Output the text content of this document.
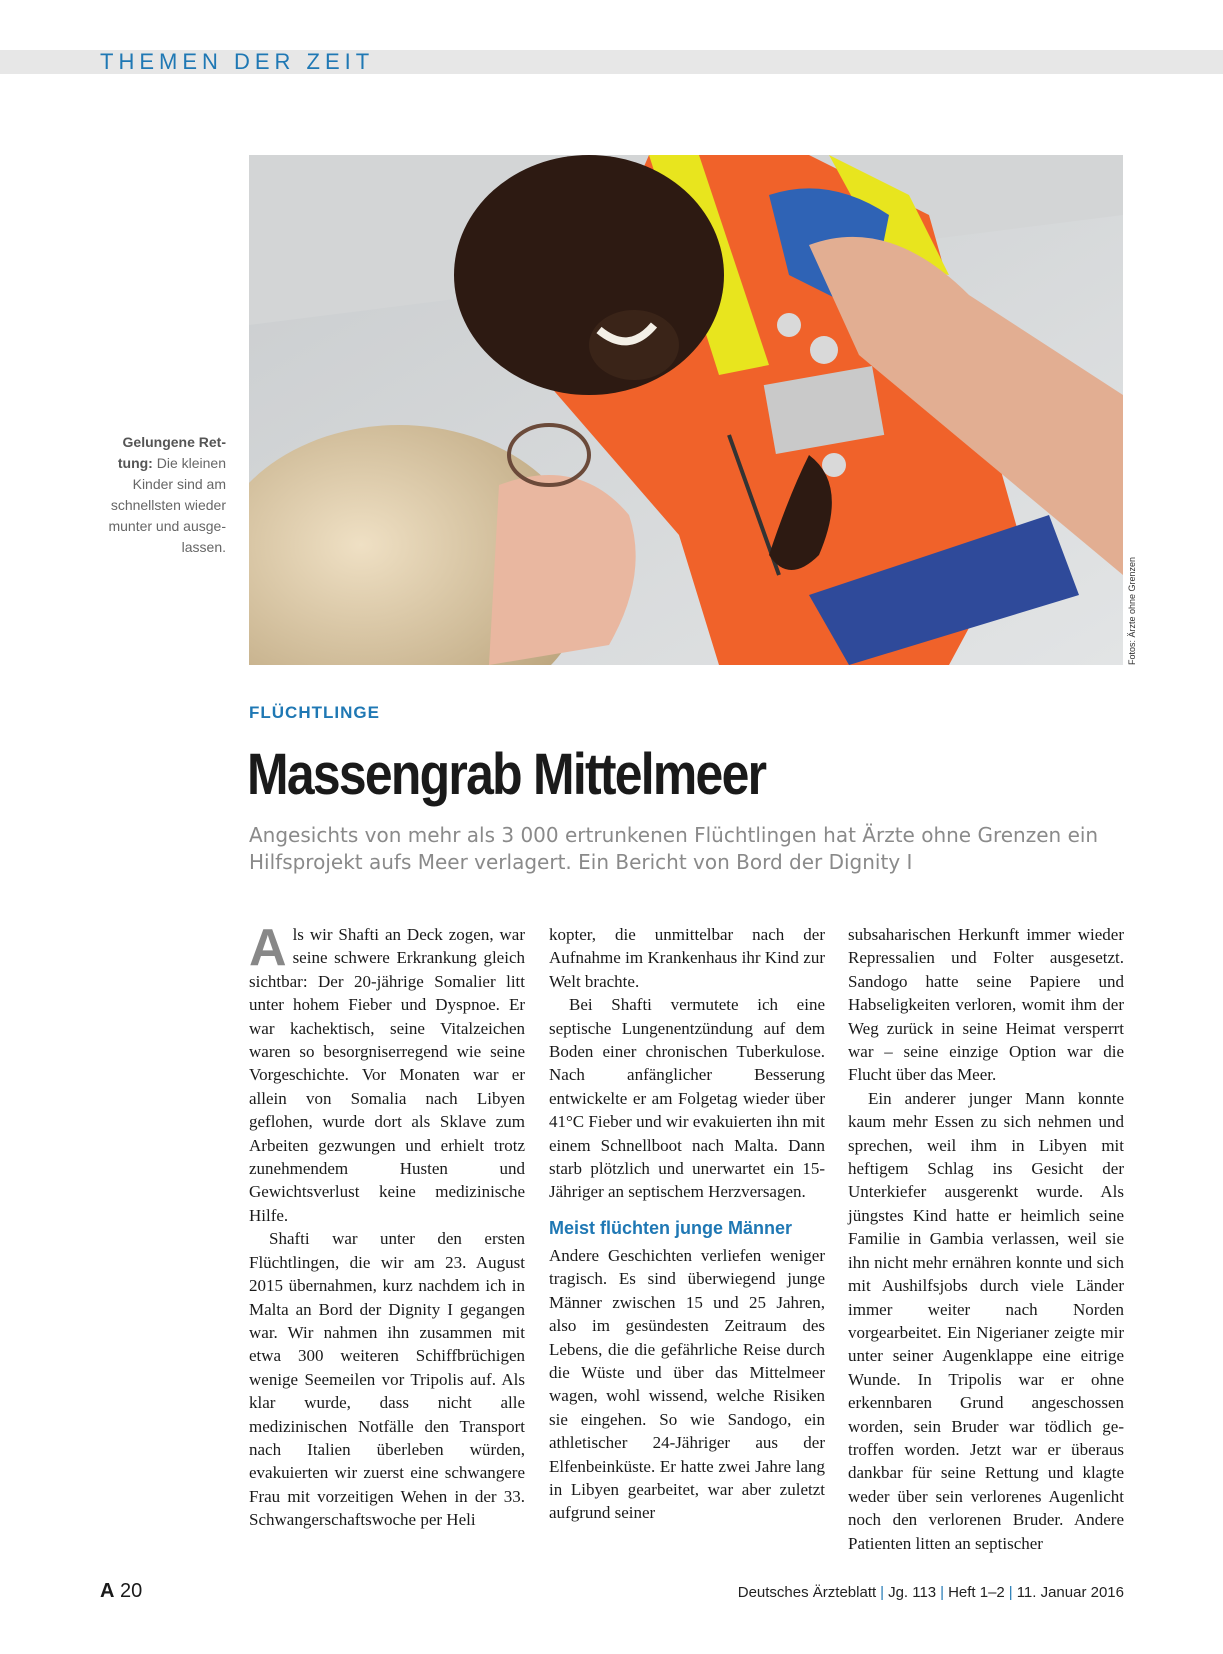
THEMEN DER ZEIT
Fotos: Ärzte ohne Grenzen
Gelungene Rettung: Die kleinen Kinder sind am schnellsten wieder munter und ausgelassen.
FLÜCHTLINGE
Massengrab Mittelmeer
Angesichts von mehr als 3 000 ertrunkenen Flüchtlingen hat Ärzte ohne Grenzen ein Hilfsprojekt aufs Meer verlagert. Ein Bericht von Bord der Dignity I

Als wir Shafti an Deck zogen, war seine schwere Erkrankung gleich sichtbar: Der 20-jährige Somalier litt unter hohem Fieber und Dyspnoe. Er war kachektisch, seine Vitalzeichen waren so besorgniserregend wie seine Vorgeschichte. Vor Monaten war er allein von Somalia nach Libyen geflohen, wurde dort als Sklave zum Arbeiten gezwungen und erhielt trotz zunehmendem Husten und Gewichtsverlust keine medizinische Hilfe.

Shafti war unter den ersten Flüchtlingen, die wir am 23. August 2015 übernahmen, kurz nachdem ich in Malta an Bord der Dignity I gegangen war. Wir nahmen ihn zusammen mit etwa 300 weiteren Schiffbrüchigen wenige Seemeilen vor Tripolis auf. Als klar wurde, dass nicht alle medizinischen Notfälle den Transport nach Italien überleben würden, evakuierten wir zuerst eine schwangere Frau mit vorzeitigen Wehen in der 33. Schwangerschaftswoche per Heli

kopter, die unmittelbar nach der Aufnahme im Krankenhaus ihr Kind zur Welt brachte.

Bei Shafti vermutete ich eine septische Lungenentzündung auf dem Boden einer chronischen Tuberkulose. Nach anfänglicher Besserung entwickelte er am Folgetag wieder über 41°C Fieber und wir evakuierten ihn mit einem Schnellboot nach Malta. Dann starb plötzlich und unerwartet ein 15-Jähriger an septischem Herzversagen.

Meist flüchten junge Männer

Andere Geschichten verliefen weniger tragisch. Es sind überwiegend junge Männer zwischen 15 und 25 Jahren, also im gesündesten Zeitraum des Lebens, die die gefährliche Reise durch die Wüste und über das Mittelmeer wagen, wohl wissend, welche Risiken sie eingehen. So wie Sandogo, ein athletischer 24-Jähriger aus der Elfenbeinküste. Er hatte zwei Jahre lang in Libyen gearbeitet, war aber zuletzt aufgrund seiner

subsaharischen Herkunft immer wieder Repressalien und Folter ausgesetzt. Sandogo hatte seine Papiere und Habseligkeiten verloren, womit ihm der Weg zurück in seine Heimat versperrt war – seine einzige Option war die Flucht über das Meer.

Ein anderer junger Mann konnte kaum mehr Essen zu sich nehmen und sprechen, weil ihm in Libyen mit heftigem Schlag ins Gesicht der Unterkiefer ausgerenkt wurde. Als jüngstes Kind hatte er heimlich seine Familie in Gambia verlassen, weil sie ihn nicht mehr ernähren konnte und sich mit Aushilfsjobs durch viele Länder immer weiter nach Norden vorgearbeitet. Ein Nigerianer zeigte mir unter seiner Augenklappe eine eitrige Wunde. In Tripolis war er ohne erkennbaren Grund angeschossen worden, sein Bruder war tödlich getroffen worden. Jetzt war er überaus dankbar für seine Rettung und klagte weder über sein verlorenes Augenlicht noch den verlorenen Bruder. Andere Patienten litten an septischer

A 20	Deutsches Ärzteblatt | Jg. 113 | Heft 1–2 | 11. Januar 2016
